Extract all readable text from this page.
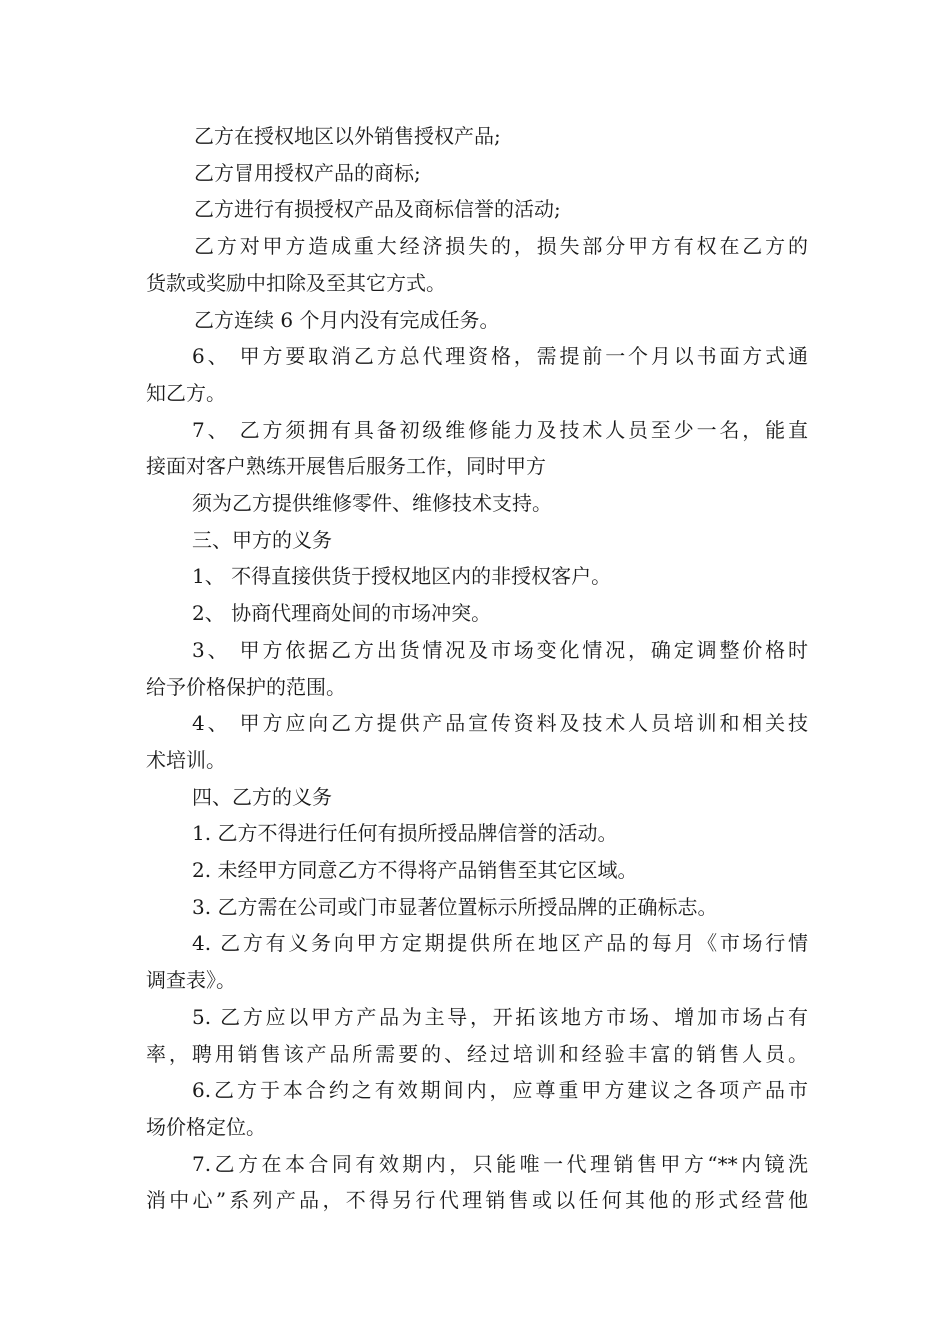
乙方在授权地区以外销售授权产品;

乙方冒用授权产品的商标;

乙方进行有损授权产品及商标信誉的活动;

乙方对甲方造成重大经济损失的，损失部分甲方有权在乙方的

货款或奖励中扣除及至其它方式。

乙方连续 6 个月内没有完成任务。

6、 甲方要取消乙方总代理资格，需提前一个月以书面方式通

知乙方。

7、 乙方须拥有具备初级维修能力及技术人员至少一名，能直

接面对客户熟练开展售后服务工作，同时甲方

须为乙方提供维修零件、维修技术支持。

三、甲方的义务

1、 不得直接供货于授权地区内的非授权客户。

2、 协商代理商处间的市场冲突。

3、 甲方依据乙方出货情况及市场变化情况，确定调整价格时

给予价格保护的范围。

4、 甲方应向乙方提供产品宣传资料及技术人员培训和相关技

术培训。

四、乙方的义务

1. 乙方不得进行任何有损所授品牌信誉的活动。

2. 未经甲方同意乙方不得将产品销售至其它区域。

3. 乙方需在公司或门市显著位置标示所授品牌的正确标志。

4. 乙方有义务向甲方定期提供所在地区产品的每月《市场行情

调查表》。

5. 乙方应以甲方产品为主导，开拓该地方市场、增加市场占有

率，聘用销售该产品所需要的、经过培训和经验丰富的销售人员。

6.乙方于本合约之有效期间内，应尊重甲方建议之各项产品市

场价格定位。

7.乙方在本合同有效期内，只能唯一代理销售甲方“**内镜洗

消中心”系列产品，不得另行代理销售或以任何其他的形式经营他
